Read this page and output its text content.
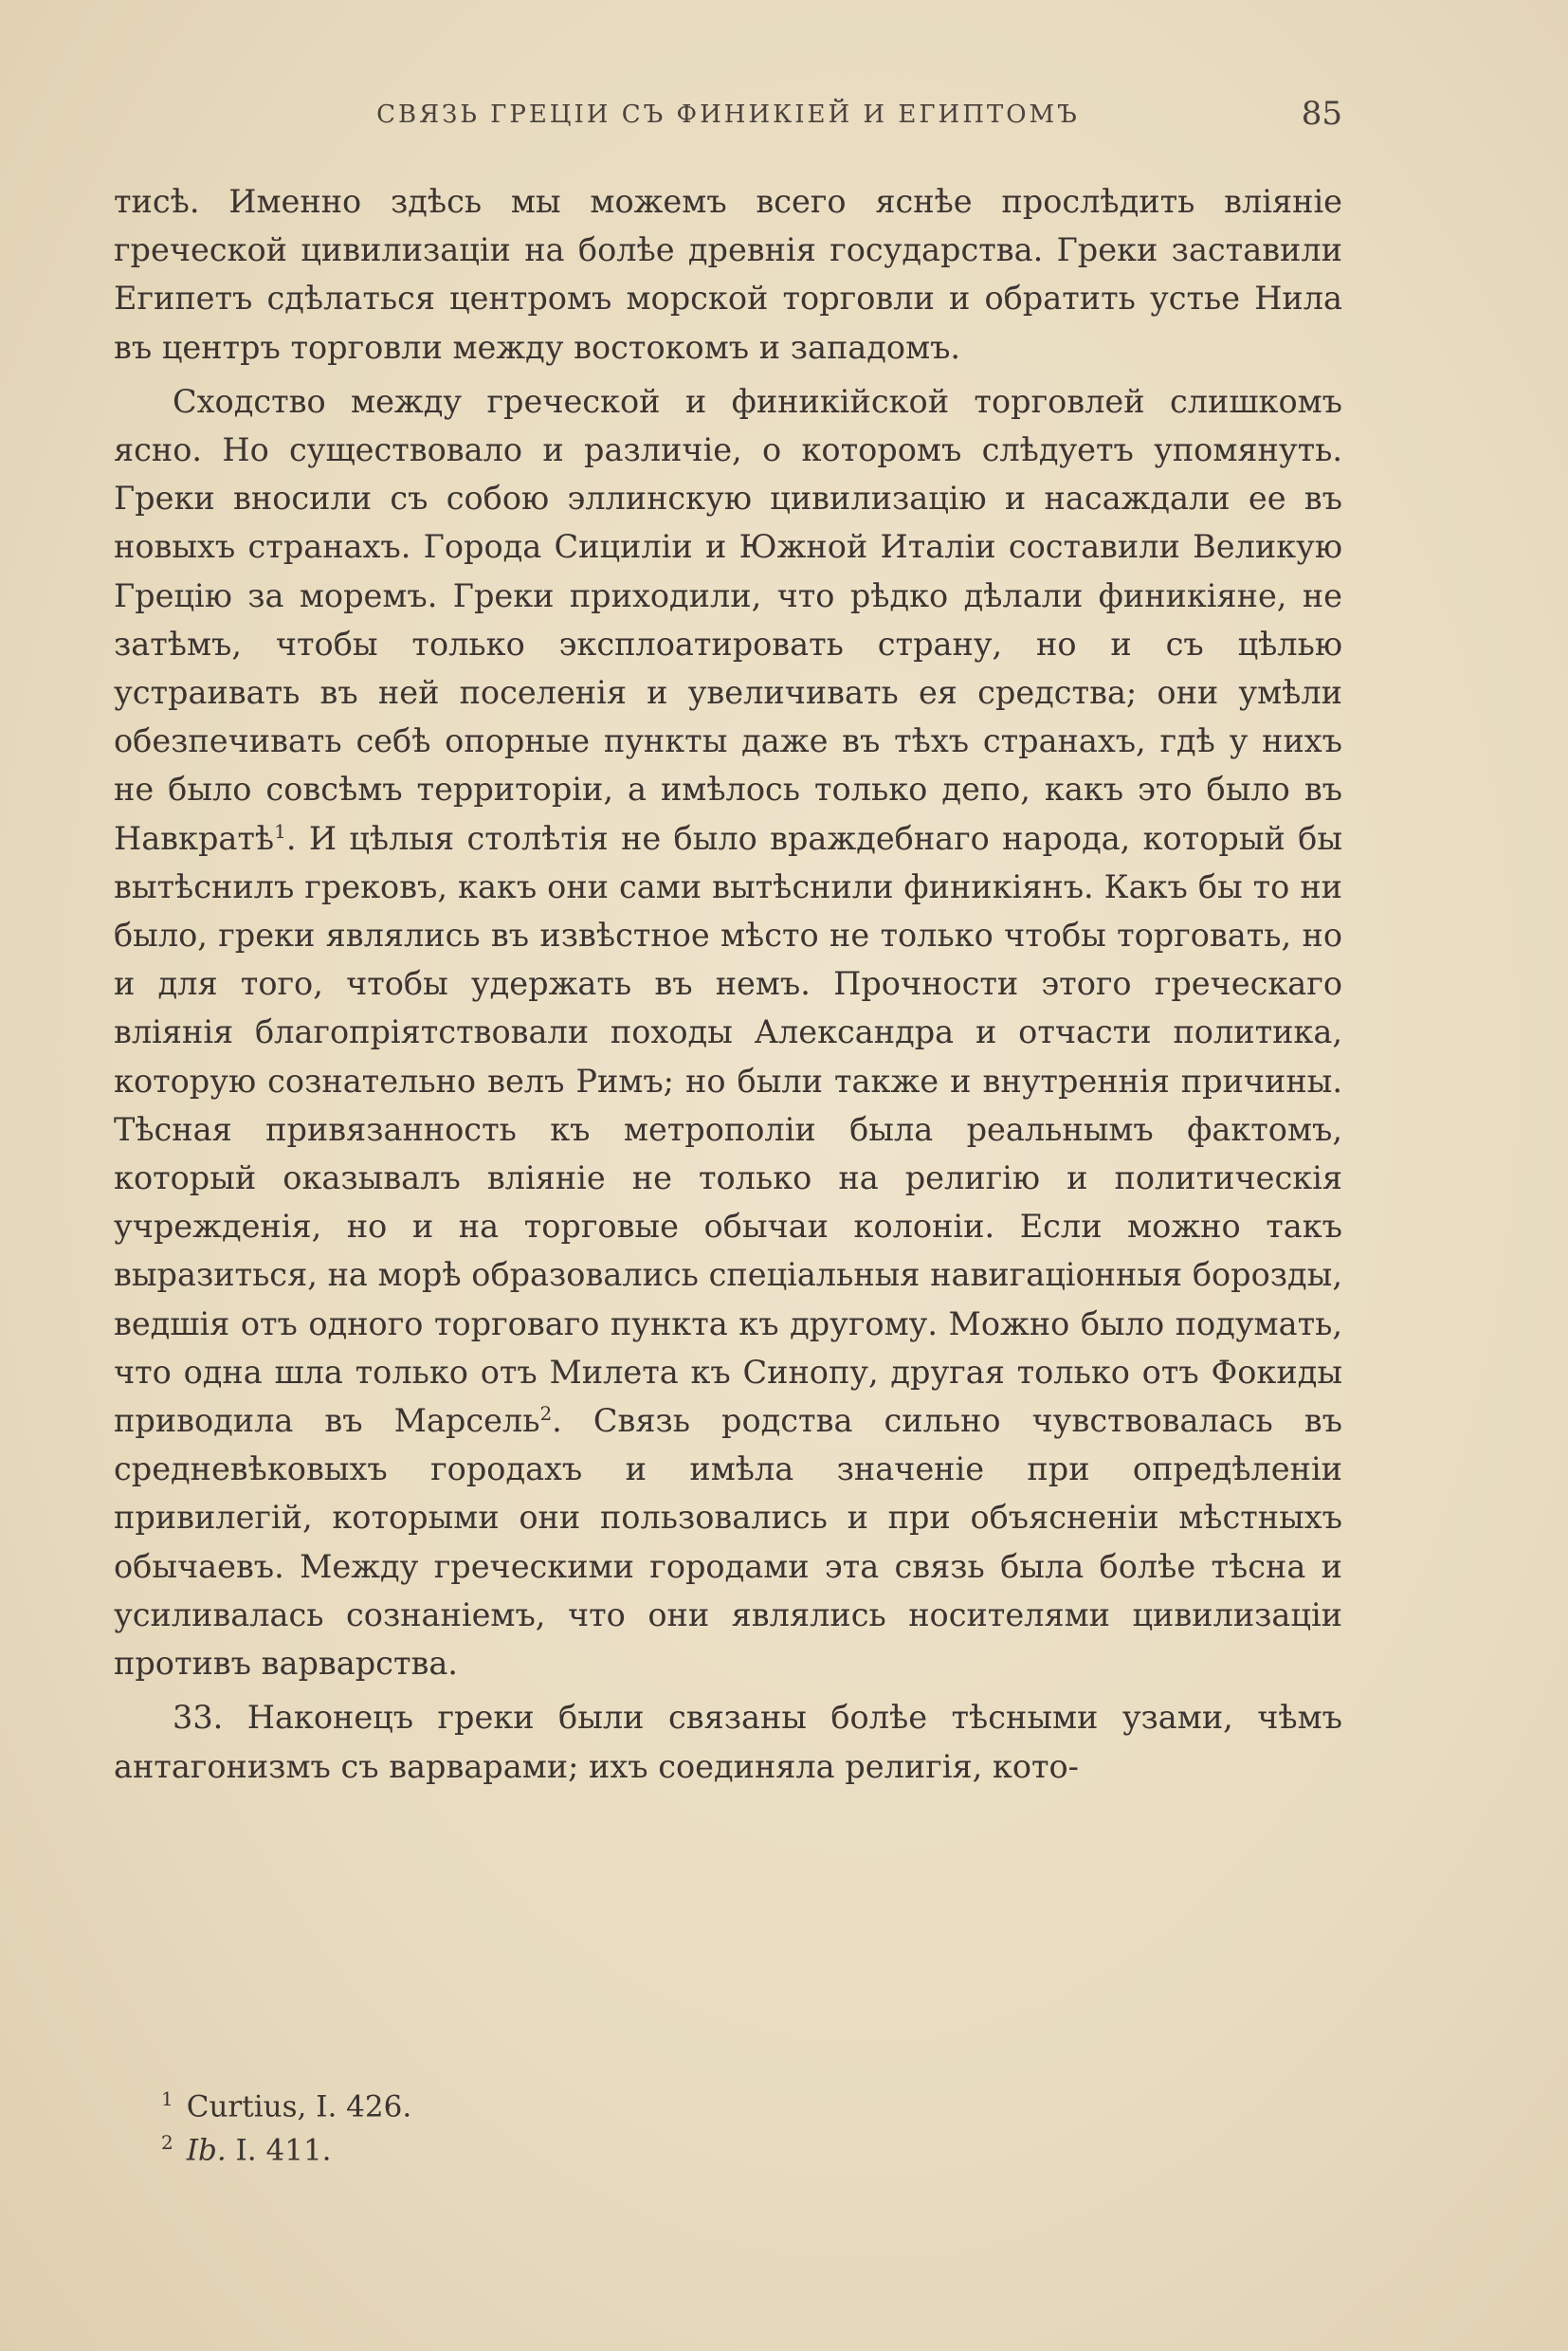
СВЯЗЬ ГРЕЦІИ СЪ ФИНИКІЕЙ И ЕГИПТОМЪ	85

тисѣ. Именно здѣсь мы можемъ всего яснѣе прослѣдить вліяніе греческой цивилизаціи на болѣе древнія государства. Греки заставили Египетъ сдѣлаться центромъ морской торговли и обратить устье Нила въ центръ торговли между востокомъ и западомъ.

Сходство между греческой и финикійской торговлей слишкомъ ясно. Но существовало и различіе, о которомъ слѣдуетъ упомянуть. Греки вносили съ собою эллинскую цивилизацію и насаждали ее въ новыхъ странахъ. Города Сициліи и Южной Италіи составили Великую Грецію за моремъ. Греки приходили, что рѣдко дѣлали финикіяне, не затѣмъ, чтобы только эксплоатировать страну, но и съ цѣлью устраивать въ ней поселенія и увеличивать ея средства; они умѣли обезпечивать себѣ опорные пункты даже въ тѣхъ странахъ, гдѣ у нихъ не было совсѣмъ территоріи, а имѣлось только депо, какъ это было въ Навкратѣ$^1$. И цѣлыя столѣтія не было враждебнаго народа, который бы вытѣснилъ грековъ, какъ они сами вытѣснили финикіянъ. Какъ бы то ни было, греки являлись въ извѣстное мѣсто не только чтобы торговать, но и для того, чтобы удержать въ немъ. Прочности этого греческаго вліянія благопріятствовали походы Александра и отчасти политика, которую сознательно велъ Римъ; но были также и внутреннія причины. Тѣсная привязанность къ метрополіи была реальнымъ фактомъ, который оказывалъ вліяніе не только на религію и политическія учрежденія, но и на торговые обычаи колоніи. Если можно такъ выразиться, на морѣ образовались спеціальныя навигаціонныя борозды, ведшія отъ одного торговаго пункта къ другому. Можно было подумать, что одна шла только отъ Милета къ Синопу, другая только отъ Фокиды приводила въ Марсель$^2$. Связь родства сильно чувствовалась въ средневѣковыхъ городахъ и имѣла значеніе при опредѣленіи привилегій, которыми они пользовались и при объясненіи мѣстныхъ обычаевъ. Между греческими городами эта связь была болѣе тѣсна и усиливалась сознаніемъ, что они являлись носителями цивилизаціи противъ варварства.

33. Наконецъ греки были связаны болѣе тѣсными узами, чѣмъ антагонизмъ съ варварами; ихъ соединяла религія, кото-

$^1$ Curtius, I. 426.
$^2$ Ib. I. 411.
